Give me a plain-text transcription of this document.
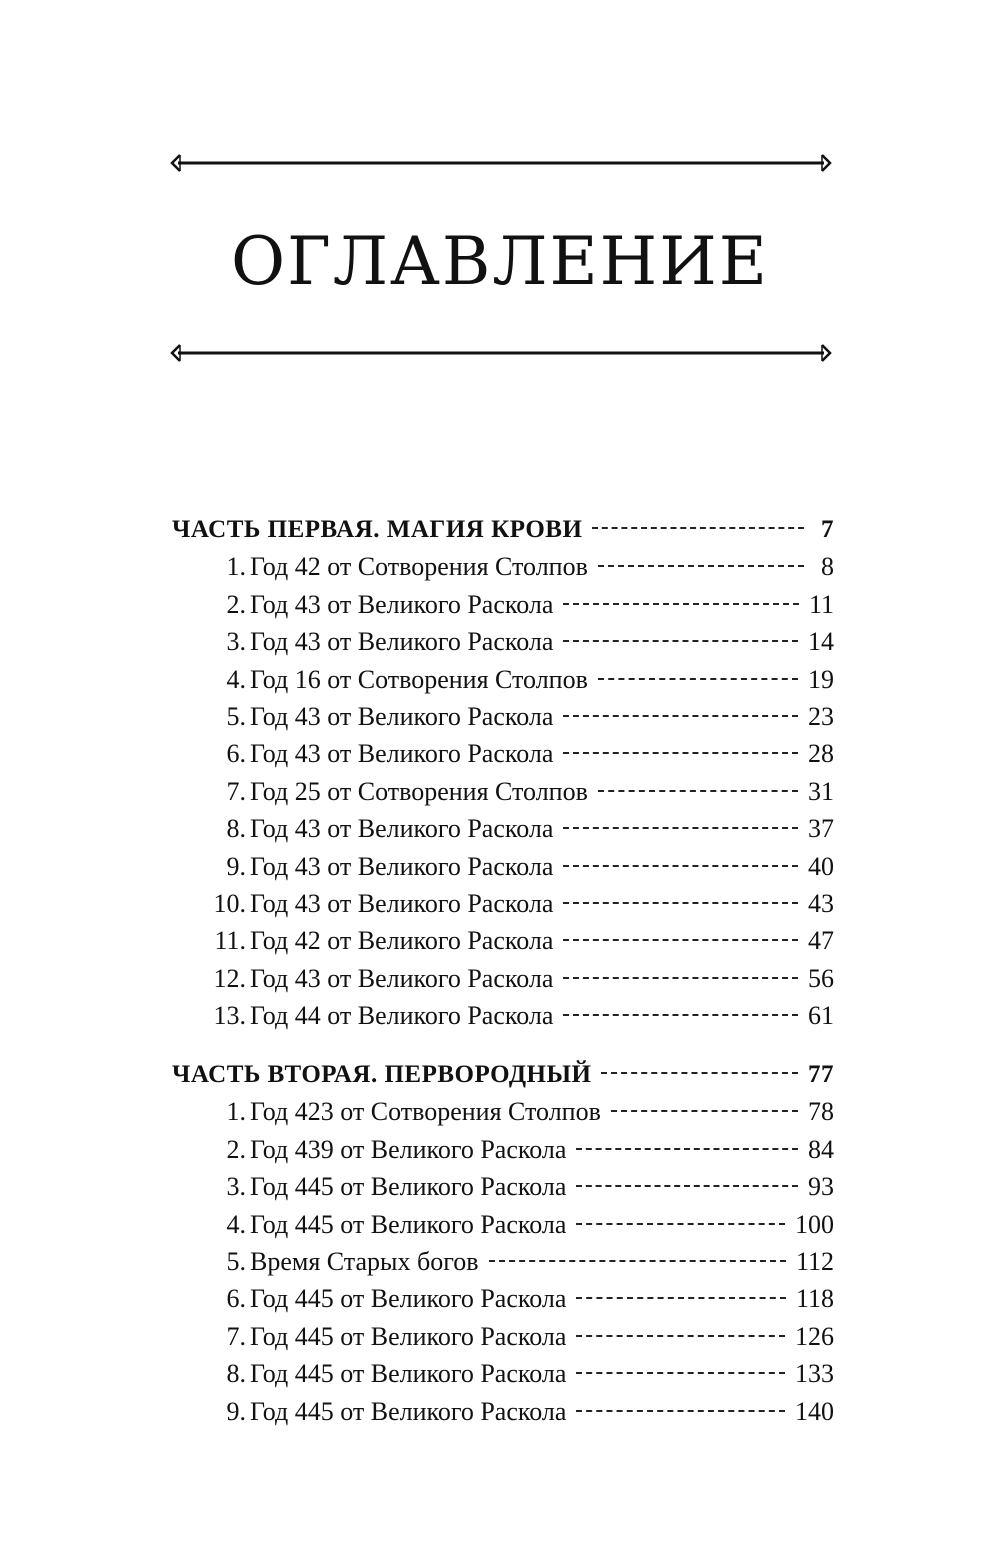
ОГЛАВЛЕНИЕ
ЧАСТЬ ПЕРВАЯ. МАГИЯ КРОВИ	7
1. Год 42 от Сотворения Столпов	8
2. Год 43 от Великого Раскола	11
3. Год 43 от Великого Раскола	14
4. Год 16 от Сотворения Столпов	19
5. Год 43 от Великого Раскола	23
6. Год 43 от Великого Раскола	28
7. Год 25 от Сотворения Столпов	31
8. Год 43 от Великого Раскола	37
9. Год 43 от Великого Раскола	40
10. Год 43 от Великого Раскола	43
11. Год 42 от Великого Раскола	47
12. Год 43 от Великого Раскола	56
13. Год 44 от Великого Раскола	61
ЧАСТЬ ВТОРАЯ. ПЕРВОРОДНЫЙ	77
1. Год 423 от Сотворения Столпов	78
2. Год 439 от Великого Раскола	84
3. Год 445 от Великого Раскола	93
4. Год 445 от Великого Раскола	100
5. Время Старых богов	112
6. Год 445 от Великого Раскола	118
7. Год 445 от Великого Раскола	126
8. Год 445 от Великого Раскола	133
9. Год 445 от Великого Раскола	140
